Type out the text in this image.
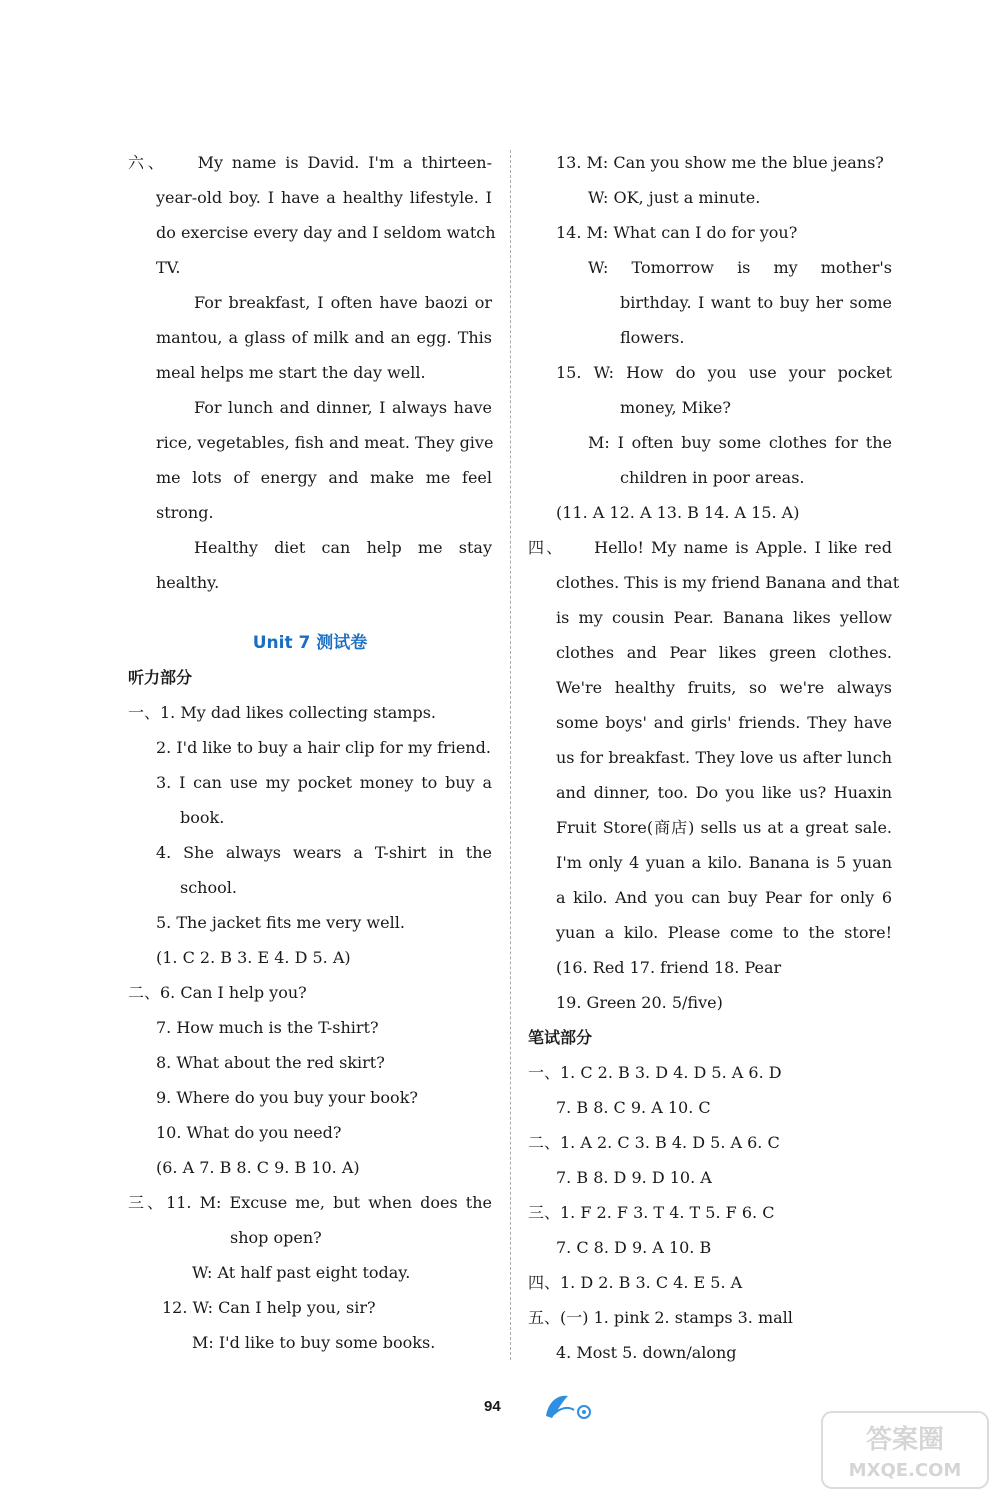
六、 My name is David. I'm a thirteen-
year-old boy. I have a healthy lifestyle. I
do exercise every day and I seldom watch
TV.
For breakfast, I often have baozi or
mantou, a glass of milk and an egg. This
meal helps me start the day well.
For lunch and dinner, I always have
rice, vegetables, fish and meat. They give
me lots of energy and make me feel
strong.
Healthy diet can help me stay
healthy.
Unit 7 测试卷
听力部分
一、1. My dad likes collecting stamps.
2. I'd like to buy a hair clip for my friend.
3. I can use my pocket money to buy a
book.
4. She always wears a T-shirt in the
school.
5. The jacket fits me very well.
(1. C 2. B 3. E 4. D 5. A)
二、6. Can I help you?
7. How much is the T-shirt?
8. What about the red skirt?
9. Where do you buy your book?
10. What do you need?
(6. A 7. B 8. C 9. B 10. A)
三、11. M: Excuse me, but when does the
shop open?
W: At half past eight today.
12. W: Can I help you, sir?
M: I'd like to buy some books.
13. M: Can you show me the blue jeans?
W: OK, just a minute.
14. M: What can I do for you?
W: Tomorrow is my mother's
birthday. I want to buy her some
flowers.
15. W: How do you use your pocket
money, Mike?
M: I often buy some clothes for the
children in poor areas.
(11. A 12. A 13. B 14. A 15. A)
四、 Hello! My name is Apple. I like red
clothes. This is my friend Banana and that
is my cousin Pear. Banana likes yellow
clothes and Pear likes green clothes.
We're healthy fruits, so we're always
some boys' and girls' friends. They have
us for breakfast. They love us after lunch
and dinner, too. Do you like us? Huaxin
Fruit Store(商店) sells us at a great sale.
I'm only 4 yuan a kilo. Banana is 5 yuan
a kilo. And you can buy Pear for only 6
yuan a kilo. Please come to the store!
(16. Red 17. friend 18. Pear
19. Green 20. 5/five)
笔试部分
一、1. C 2. B 3. D 4. D 5. A 6. D
7. B 8. C 9. A 10. C
二、1. A 2. C 3. B 4. D 5. A 6. C
7. B 8. D 9. D 10. A
三、1. F 2. F 3. T 4. T 5. F 6. C
7. C 8. D 9. A 10. B
四、1. D 2. B 3. C 4. E 5. A
五、(一) 1. pink 2. stamps 3. mall
4. Most 5. down/along
94
答案圈
MXQE.COM
